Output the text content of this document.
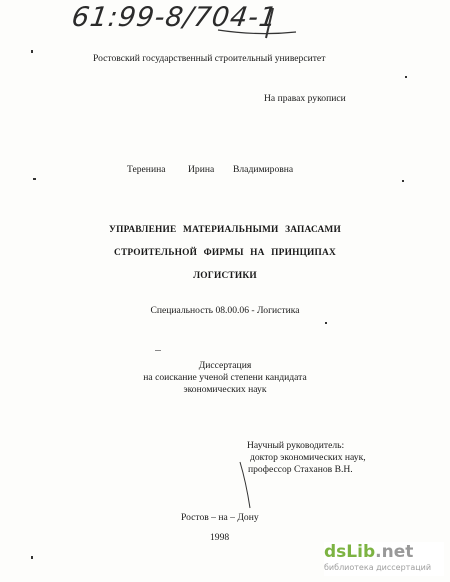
61:99-8/704-1
Ростовский государственный строительный университет
На правах рукописи
Теренина Ирина Владимировна
УПРАВЛЕНИЕ МАТЕРИАЛЬНЫМИ ЗАПАСАМИ
СТРОИТЕЛЬНОЙ ФИРМЫ НА ПРИНЦИПАХ
ЛОГИСТИКИ
Специальность 08.00.06 - Логистика
Диссертация
на соискание ученой степени кандидата
экономических наук
Научный руководитель:
доктор экономических наук,
профессор Стаханов В.Н.
Ростов – на – Дону
1998
dsLib.net
библиотека диссертаций
